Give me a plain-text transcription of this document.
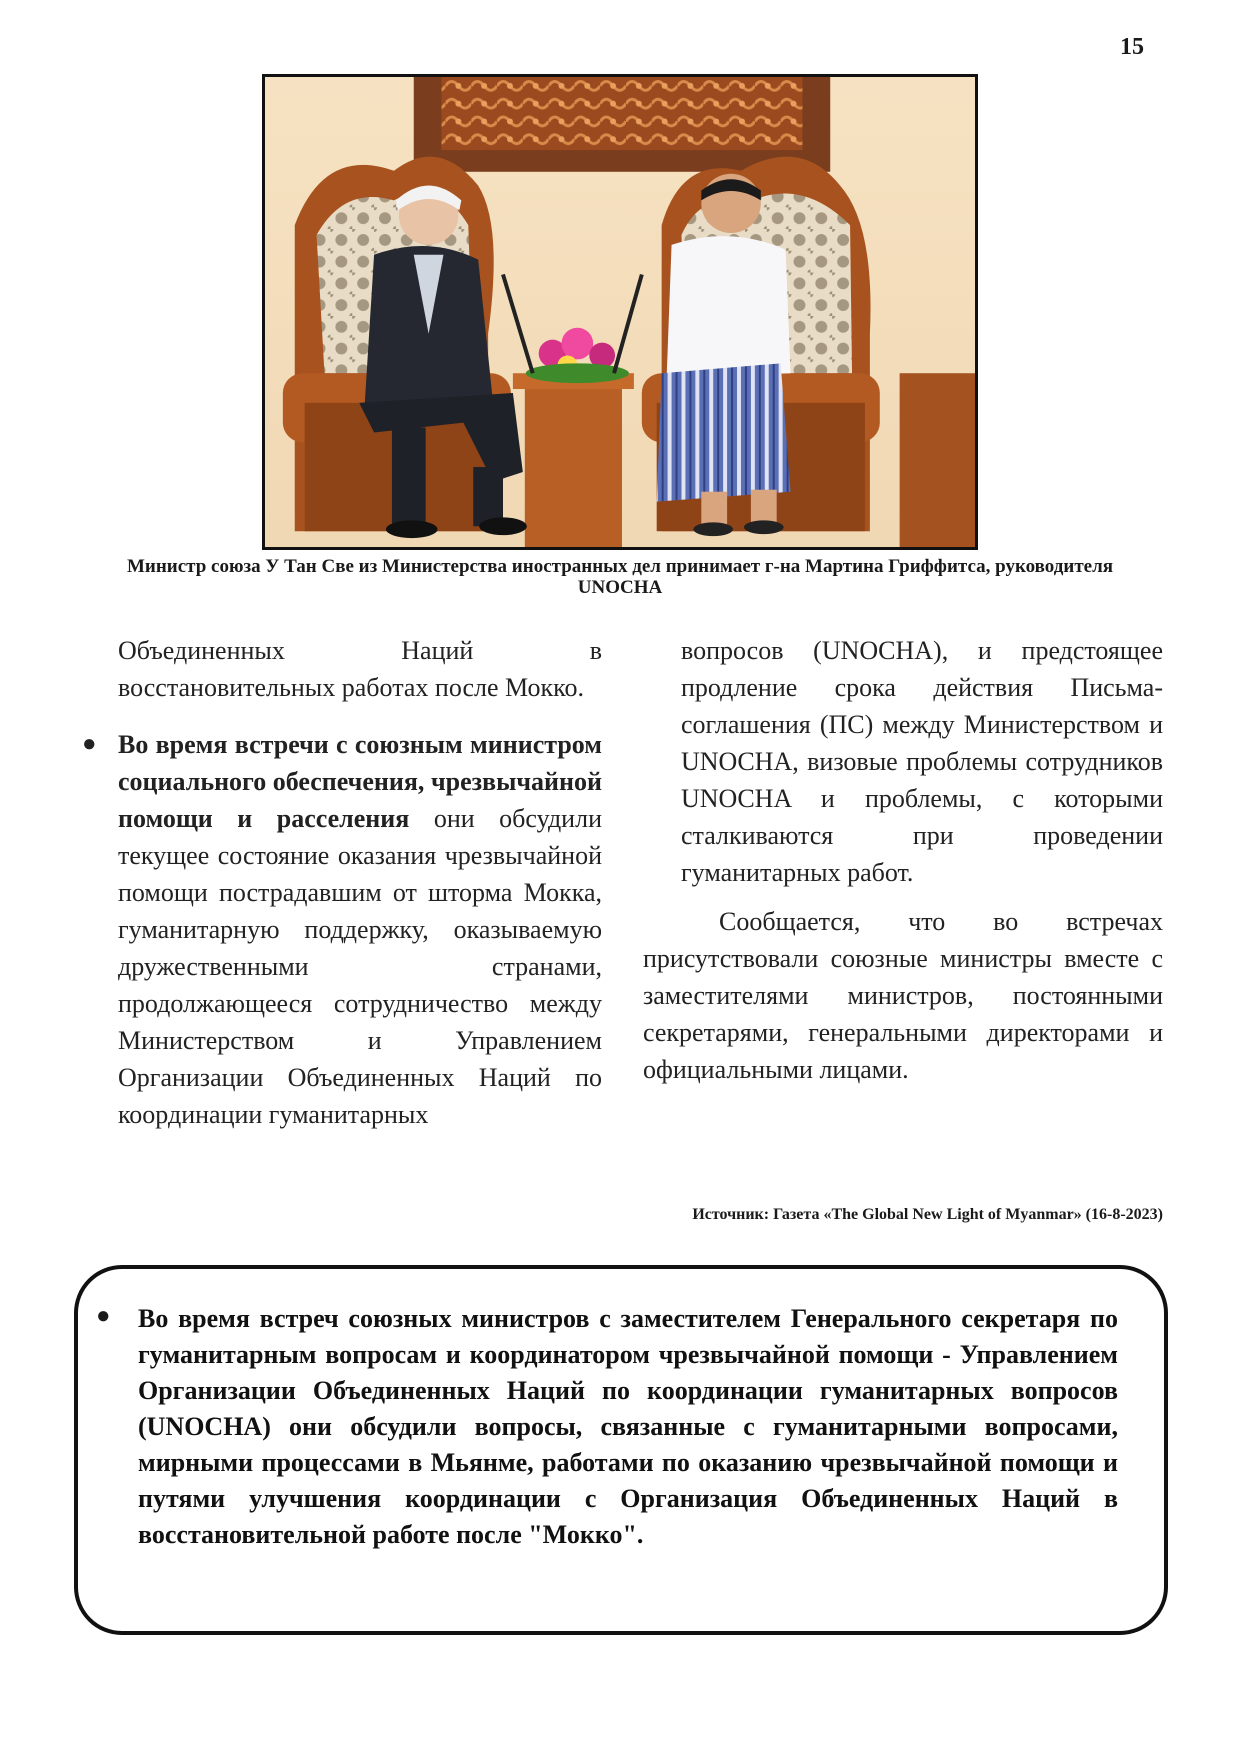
15
Министр союза У Тан Све из Министерства иностранных дел принимает г-на Мартина Гриффитса, руководителя UNOCHA

Объединенных Наций в восстановительных работах после Мокко.

● Во время встречи с союзным министром социального обеспечения, чрезвычайной помощи и расселения они обсудили текущее состояние оказания чрезвычайной помощи пострадавшим от шторма Мокка, гуманитарную поддержку, оказываемую дружественными странами, продолжающееся сотрудничество между Министерством и Управлением Организации Объединенных Наций по координации гуманитарных

вопросов (UNOCHA), и предстоящее продление срока действия Письма-соглашения (ПС) между Министерством и UNOCHA, визовые проблемы сотрудников UNOCHA и проблемы, с которыми сталкиваются при проведении гуманитарных работ.

Сообщается, что во встречах присутствовали союзные министры вместе с заместителями министров, постоянными секретарями, генеральными директорами и официальными лицами.

Источник: Газета «The Global New Light of Myanmar» (16-8-2023)
● Во время встреч союзных министров с заместителем Генерального секретаря по гуманитарным вопросам и координатором чрезвычайной помощи - Управлением Организации Объединенных Наций по координации гуманитарных вопросов (UNOCHA) они обсудили вопросы, связанные с гуманитарными вопросами, мирными процессами в Мьянме, работами по оказанию чрезвычайной помощи и путями улучшения координации с Организация Объединенных Наций в восстановительной работе после "Мокко".
